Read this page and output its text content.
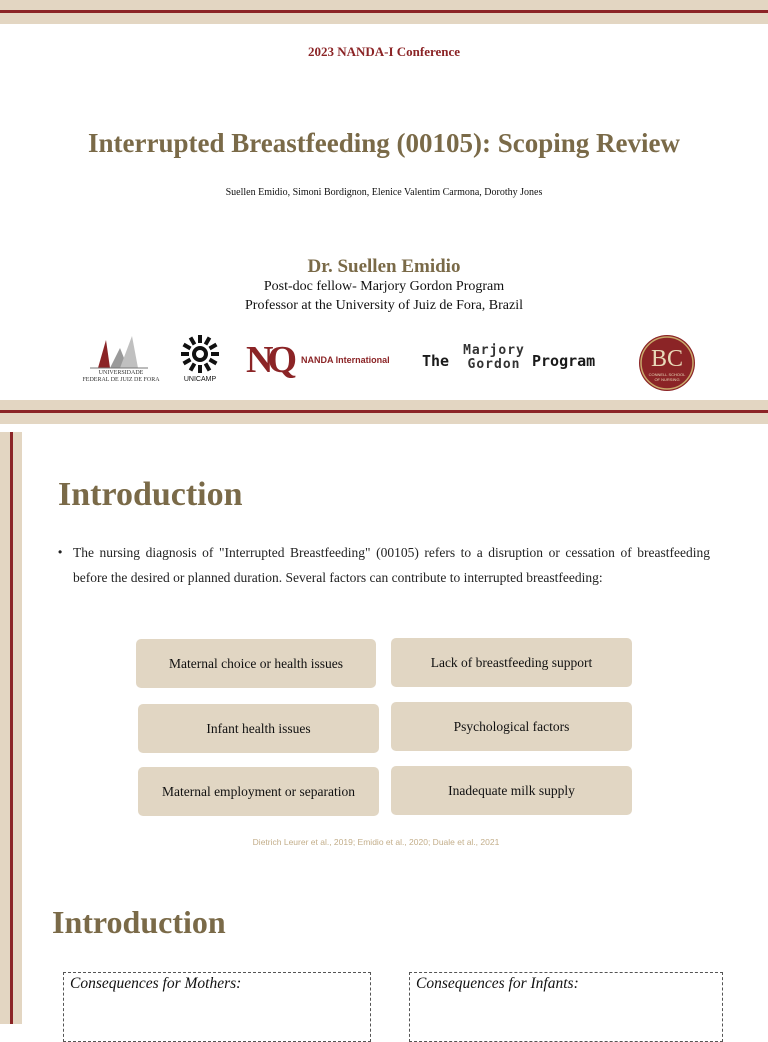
2023 NANDA-I Conference
Interrupted Breastfeeding (00105): Scoping Review
Suellen Emidio, Simoni Bordignon, Elenice Valentim Carmona, Dorothy Jones
Dr. Suellen Emidio
Post-doc fellow- Marjory Gordon Program
Professor at the University of Juiz de Fora, Brazil
UNIVERSIDADE
FEDERAL DE JUIZ DE FORA	UNICAMP NQ NANDA International The
Marjory
Gordon Program BC
CONNELL SCHOOL
OF NURSING
Introduction
• The nursing diagnosis of "Interrupted Breastfeeding" (00105) refers to a disruption or cessation of breastfeeding before the desired or planned duration. Several factors can contribute to interrupted breastfeeding:
Maternal choice or health issues	Lack of breastfeeding support
Infant health issues	Psychological factors
Maternal employment or separation	Inadequate milk supply
Dietrich Leurer et al., 2019; Emidio et al., 2020; Duale et al., 2021
Introduction
Consequences for Mothers:	Consequences for Infants:
